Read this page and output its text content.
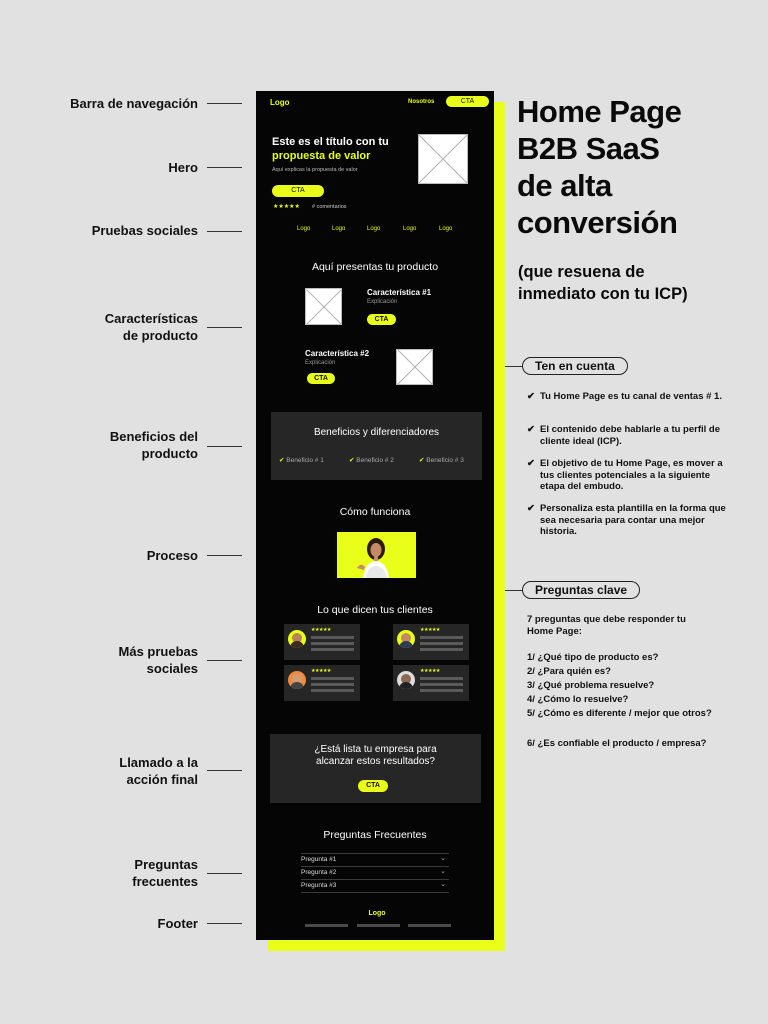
Barra de navegación
Hero
Pruebas sociales
Características
de producto
Beneficios del
producto
Proceso
Más pruebas
sociales
Llamado a la
acción final
Preguntas
frecuentes
Footer
Logo	Nosotros	CTA
Este es el título con tu
propuesta de valor
Aquí explicas la propuesta de valor
CTA
★★★★★ # comentarios
Logo	Logo	Logo	Logo	Logo
Aquí presentas tu producto
Característica #1
Explicación
CTA
Característica #2
Explicación
CTA
Beneficios y diferenciadores
✔ Beneficio # 1	✔ Beneficio # 2	✔ Beneficio # 3
Cómo funciona
Lo que dicen tus clientes
★★★★★	★★★★★
★★★★★	★★★★★
¿Está lista tu empresa para alcanzar estos resultados?
CTA
Preguntas Frecuentes
Pregunta #1	⌄
Pregunta #2	⌄
Pregunta #3	⌄
Logo
Home Page
B2B SaaS
de alta
conversión
(que resuena de
inmediato con tu ICP)
Ten en cuenta
✔ Tu Home Page es tu canal de ventas # 1.
✔ El contenido debe hablarle a tu perfil de cliente ideal (ICP).
✔ El objetivo de tu Home Page, es mover a tus clientes potenciales a la siguiente etapa del embudo.
✔ Personaliza esta plantilla en la forma que sea necesaria para contar una mejor historia.
Preguntas clave
7 preguntas que debe responder tu Home Page:
1/ ¿Qué tipo de producto es?
2/ ¿Para quién es?
3/ ¿Qué problema resuelve?
4/ ¿Cómo lo resuelve?
5/ ¿Cómo es diferente / mejor que otros?
6/ ¿Es confiable el producto / empresa?
